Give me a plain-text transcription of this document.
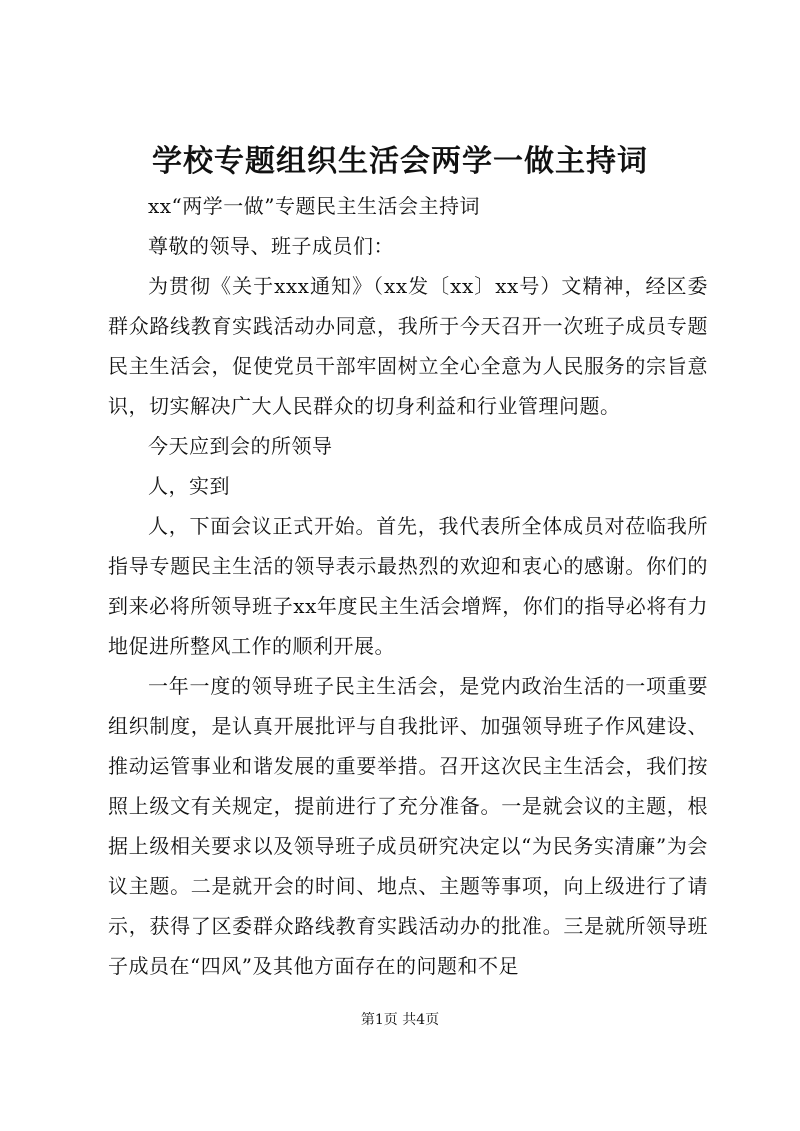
学校专题组织生活会两学一做主持词

xx“两学一做”专题民主生活会主持词

尊敬的领导、班子成员们：

为贯彻《关于xxx通知》（xx发〔xx〕xx号）文精神，经区委群众路线教育实践活动办同意，我所于今天召开一次班子成员专题民主生活会，促使党员干部牢固树立全心全意为人民服务的宗旨意识，切实解决广大人民群众的切身利益和行业管理问题。

今天应到会的所领导

人，实到

人，下面会议正式开始。首先，我代表所全体成员对莅临我所指导专题民主生活的领导表示最热烈的欢迎和衷心的感谢。你们的到来必将所领导班子xx年度民主生活会增辉，你们的指导必将有力地促进所整风工作的顺利开展。

一年一度的领导班子民主生活会，是党内政治生活的一项重要组织制度，是认真开展批评与自我批评、加强领导班子作风建设、推动运管事业和谐发展的重要举措。召开这次民主生活会，我们按照上级文有关规定，提前进行了充分准备。一是就会议的主题，根据上级相关要求以及领导班子成员研究决定以“为民务实清廉”为会议主题。二是就开会的时间、地点、主题等事项，向上级进行了请示，获得了区委群众路线教育实践活动办的批准。三是就所领导班子成员在“四风”及其他方面存在的问题和不足

第1页 共4页
